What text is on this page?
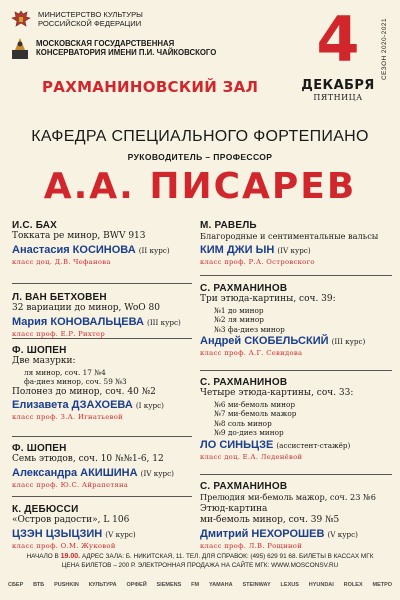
МИНИСТЕРСТВО КУЛЬТУРЫ
РОССИЙСКОЙ ФЕДЕРАЦИИ
МОСКОВСКАЯ ГОСУДАРСТВЕННАЯ
КОНСЕРВАТОРИЯ ИМЕНИ П.И. ЧАЙКОВСКОГО
РАХМАНИНОВСКИЙ ЗАЛ
4
ДЕКАБРЯ
ПЯТНИЦА
СЕЗОН 2020-2021
КАФЕДРА СПЕЦИАЛЬНОГО ФОРТЕПИАНО
РУКОВОДИТЕЛЬ – ПРОФЕССОР
А.А. ПИСАРЕВ
И.С. БАХ
Токката ре минор, BWV 913
Анастасия КОСИНОВА (II курс)
класс доц. Д.В. Чефанова
Л. ВАН БЕТХОВЕН
32 вариации до минор, WoO 80
Мария КОНОВАЛЬЦЕВА (III курс)
класс проф. Е.Р. Рихтер
Ф. ШОПЕН
Две мазурки:
ля минор, соч. 17 №4
фа-диез минор, соч. 59 №3
Полонез до минор, соч. 40 №2
Елизавета ДЗАХОЕВА (I курс)
класс проф. З.А. Игнатьевой
Ф. ШОПЕН
Семь этюдов, соч. 10 №№1-6, 12
Александра АКИШИНА (IV курс)
класс проф. Ю.С. Айрапетяна
К. ДЕБЮССИ
«Остров радости», L 106
ЦЗЭН ЦЗЫЦЗИН (V курс)
класс проф. О.М. Жуковой
М. РАВЕЛЬ
Благородные и сентиментальные вальсы
КИМ ДЖИ ЫН (IV курс)
класс проф. Р.А. Островского
С. РАХМАНИНОВ
Три этюда-картины, соч. 39:
№1 до минор
№2 ля минор
№3 фа-диез минор
Андрей СКОБЕЛЬСКИЙ (III курс)
класс проф. А.Г. Севидова
С. РАХМАНИНОВ
Четыре этюда-картины, соч. 33:
№6 ми-бемоль минор
№7 ми-бемоль мажор
№8 соль минор
№9 до-диез минор
ЛО СИНЬЦЗЕ (ассистент-стажёр)
класс доц. Е.А. Леденёвой
С. РАХМАНИНОВ
Прелюдия ми-бемоль мажор, соч. 23 №6
Этюд-картина
ми-бемоль минор, соч. 39 №5
Дмитрий НЕХОРОШЕВ (V курс)
класс проф. Л.В. Рощиной
НАЧАЛО В 19.00. АДРЕС ЗАЛА: Б. НИКИТСКАЯ, 11. ТЕЛ. ДЛЯ СПРАВОК: (495) 629 91 68. БИЛЕТЫ В КАССАХ МГК
ЦЕНА БИЛЕТОВ – 200 Р. ЭЛЕКТРОННАЯ ПРОДАЖА НА САЙТЕ МГК: WWW.MOSCONSV.RU
СБЕР ВТБ PUSHKIN КУЛЬТУРА ОРФЕЙ SIEMENS FM YAMAHA STEINWAY LEXUS HYUNDAI ROLEX МЕТРО
